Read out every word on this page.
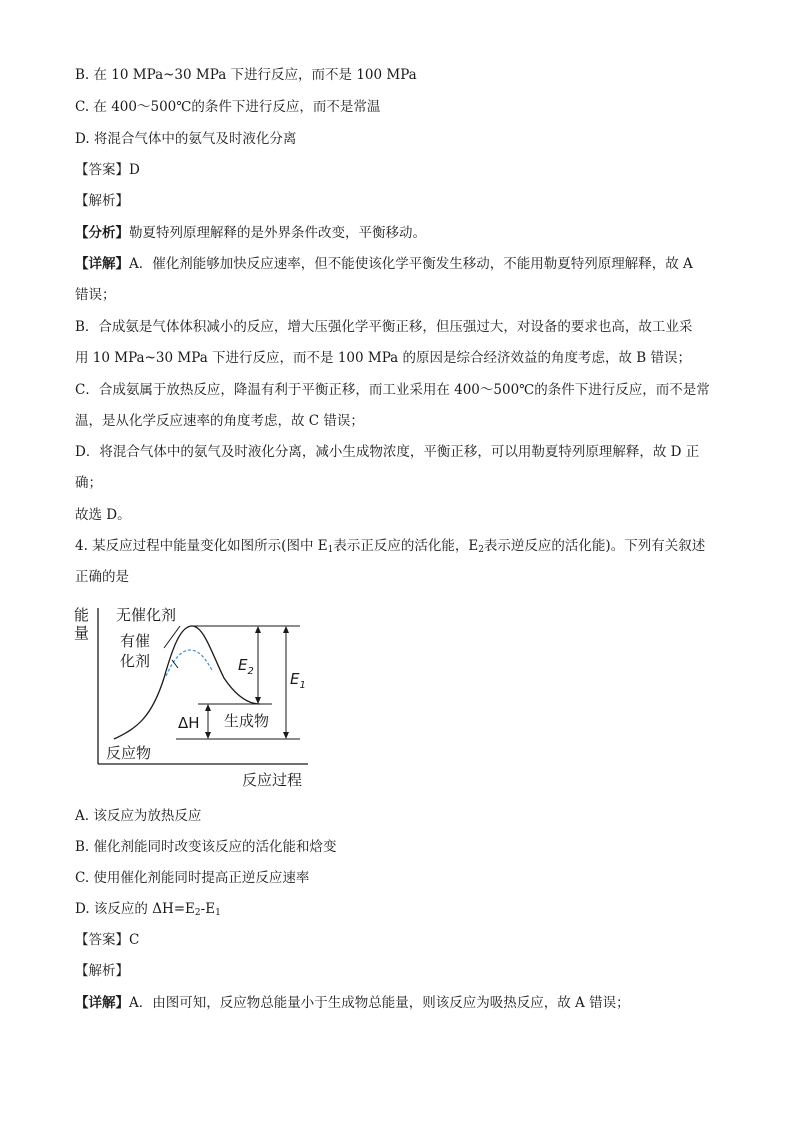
B. 在 10 MPa~30 MPa 下进行反应，而不是 100 MPa
C. 在 400～500℃的条件下进行反应，而不是常温
D. 将混合气体中的氨气及时液化分离
【答案】D
【解析】
【分析】勒夏特列原理解释的是外界条件改变，平衡移动。
【详解】A．催化剂能够加快反应速率，但不能使该化学平衡发生移动，不能用勒夏特列原理解释，故 A
错误；
B．合成氨是气体体积减小的反应，增大压强化学平衡正移，但压强过大，对设备的要求也高，故工业采
用 10 MPa~30 MPa 下进行反应，而不是 100 MPa 的原因是综合经济效益的角度考虑，故 B 错误；
C．合成氨属于放热反应，降温有利于平衡正移，而工业采用在 400～500℃的条件下进行反应，而不是常
温，是从化学反应速率的角度考虑，故 C 错误；
D．将混合气体中的氨气及时液化分离，减小生成物浓度，平衡正移，可以用勒夏特列原理解释，故 D 正
确；
故选 D。
4. 某反应过程中能量变化如图所示(图中 $E_1$表示正反应的活化能，$E_2$表示逆反应的活化能)。下列有关叙述
正确的是
能
量
反应过程
无催化剂
有催
化剂	$E_2$ $E_1$
ΔH 生成物
反应物
A. 该反应为放热反应
B. 催化剂能同时改变该反应的活化能和焓变
C. 使用催化剂能同时提高正逆反应速率
D. 该反应的 $\Delta H=E_2-E_1$
【答案】C
【解析】
【详解】A．由图可知，反应物总能量小于生成物总能量，则该反应为吸热反应，故 A 错误；
